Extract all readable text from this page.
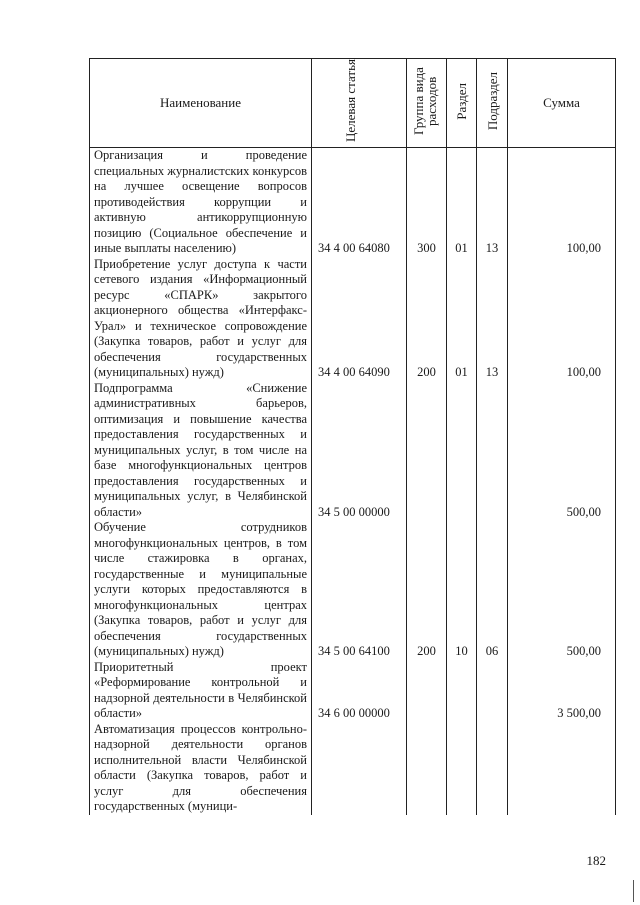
Наименование	Целевая статья	Группа вида расходов	Раздел	Подраздел	Сумма
Организация и проведение специальных журналистских конкурсов на лучшее освещение вопросов противодействия коррупции и активную антикоррупционную позицию (Социальное обеспечение и иные выплаты населению)	34 4 00 64080	300	01	13	100,00
Приобретение услуг доступа к части сетевого издания «Информационный ресурс «СПАРК» закрытого акционерного общества «Интерфакс-Урал» и техническое сопровождение (Закупка товаров, работ и услуг для обеспечения государственных (муниципальных) нужд)	34 4 00 64090	200	01	13	100,00
Подпрограмма «Снижение административных барьеров, оптимизация и повышение качества предоставления государственных и муниципальных услуг, в том числе на базе многофункциональных центров предоставления государственных и муниципальных услуг, в Челябинской области»	34 5 00 00000				500,00
Обучение сотрудников многофункциональных центров, в том числе стажировка в органах, государственные и муниципальные услуги которых предоставляются в многофункциональных центрах (Закупка товаров, работ и услуг для обеспечения государственных (муниципальных) нужд)	34 5 00 64100	200	10	06	500,00
Приоритетный проект «Реформирование контрольной и надзорной деятельности в Челябинской области»	34 6 00 00000				3 500,00
Автоматизация процессов контрольно-надзорной деятельности органов исполнительной власти Челябинской области (Закупка товаров, работ и услуг для обеспечения государственных (муници-					
182
